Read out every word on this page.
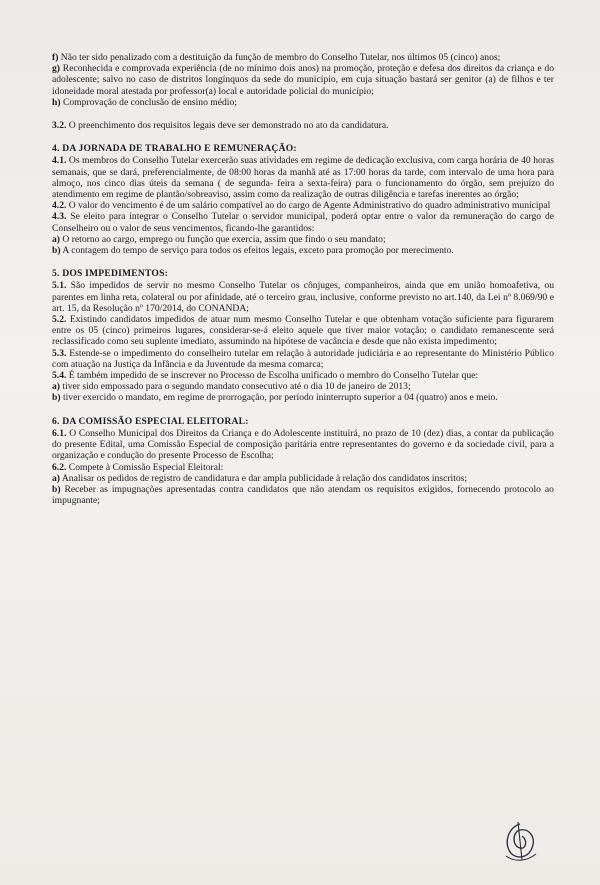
f) Não ter sido penalizado com a destituição da função de membro do Conselho Tutelar, nos últimos 05 (cinco) anos;

g) Reconhecida e comprovada experiência (de no mínimo dois anos) na promoção, proteção e defesa dos direitos da criança e do adolescente; salvo no caso de distritos longínquos da sede do município, em cuja situação bastará ser genitor (a) de filhos e ter idoneidade moral atestada por professor(a) local e autoridade policial do município;

h) Comprovação de conclusão de ensino médio;

3.2. O preenchimento dos requisitos legais deve ser demonstrado no ato da candidatura.

4. DA JORNADA DE TRABALHO E REMUNERAÇÃO:

4.1. Os membros do Conselho Tutelar exercerão suas atividades em regime de dedicação exclusiva, com carga horária de 40 horas semanais, que se dará, preferencialmente, de 08:00 horas da manhã até as 17:00 horas da tarde, com intervalo de uma hora para almoço, nos cinco dias úteis da semana ( de segunda- feira a sexta-feira) para o funcionamento do órgão, sem prejuízo do atendimento em regime de plantão/sobreaviso, assim como da realização de outras diligência e tarefas inerentes ao órgão;

4.2. O valor do vencimento é de um salário compatível ao do cargo de Agente Administrativo do quadro administrativo municipal

4.3. Se eleito para integrar o Conselho Tutelar o servidor municipal, poderá optar entre o valor da remuneração do cargo de Conselheiro ou o valor de seus vencimentos, ficando-lhe garantidos:

a) O retorno ao cargo, emprego ou função que exercia, assim que findo o seu mandato;

b) A contagem do tempo de serviço para todos os efeitos legais, exceto para promoção por merecimento.

5. DOS IMPEDIMENTOS:

5.1. São impedidos de servir no mesmo Conselho Tutelar os cônjuges, companheiros, ainda que em união homoafetiva, ou parentes em linha reta, colateral ou por afinidade, até o terceiro grau, inclusive, conforme previsto no art.140, da Lei nº 8.069/90 e art. 15, da Resolução nº 170/2014, do CONANDA;

5.2. Existindo candidatos impedidos de atuar num mesmo Conselho Tutelar e que obtenham votação suficiente para figurarem entre os 05 (cinco) primeiros lugares, considerar-se-á eleito aquele que tiver maior votação; o candidato remanescente será reclassificado como seu suplente imediato, assumindo na hipótese de vacância e desde que não exista impedimento;

5.3. Estende-se o impedimento do conselheiro tutelar em relação à autoridade judiciária e ao representante do Ministério Público com atuação na Justiça da Infância e da Juventude da mesma comarca;

5.4. É também impedido de se inscrever no Processo de Escolha unificado o membro do Conselho Tutelar que:

a) tiver sido empossado para o segundo mandato consecutivo até o dia 10 de janeiro de 2013;

b) tiver exercido o mandato, em regime de prorrogação, por período ininterrupto superior a 04 (quatro) anos e meio.

6. DA COMISSÃO ESPECIAL ELEITORAL:

6.1. O Conselho Municipal dos Direitos da Criança e do Adolescente instituirá, no prazo de 10 (dez) dias, a contar da publicação do presente Edital, uma Comissão Especial de composição paritária entre representantes do governo e da sociedade civil, para a organização e condução do presente Processo de Escolha;

6.2. Compete à Comissão Especial Eleitoral:

a) Analisar os pedidos de registro de candidatura e dar ampla publicidade à relação dos candidatos inscritos;

b) Receber as impugnações apresentadas contra candidatos que não atendam os requisitos exigidos, fornecendo protocolo ao impugnante;
